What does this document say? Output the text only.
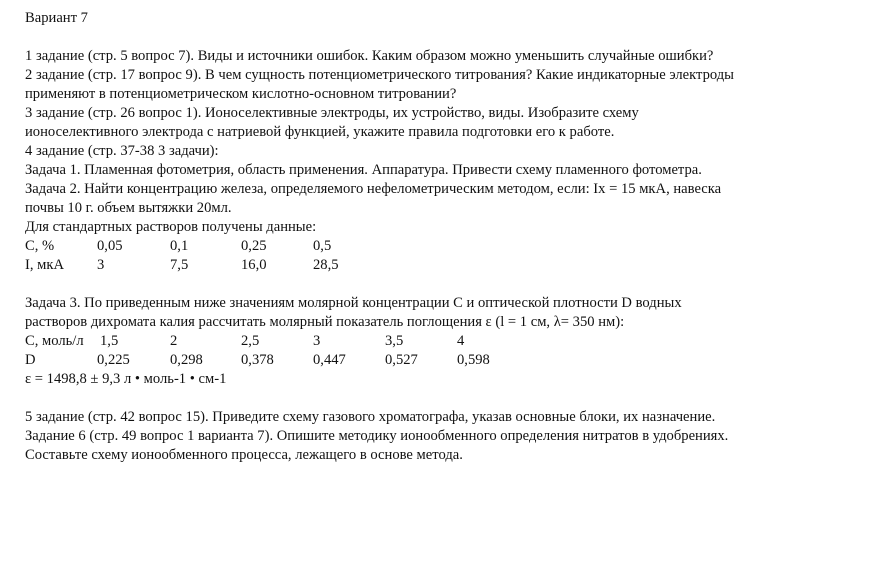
Вариант 7
1 задание (стр. 5 вопрос 7). Виды и источники ошибок. Каким образом можно уменьшить случайные ошибки?
2 задание (стр. 17 вопрос 9). В чем сущность потенциометрического титрования? Какие индикаторные электроды
применяют в потенциометрическом кислотно-основном титровании?
3 задание (стр. 26 вопрос 1). Ионоселективные электроды, их устройство, виды. Изобразите схему
ионоселективного электрода с натриевой функцией, укажите правила подготовки его к работе.
4 задание (стр. 37-38 3 задачи):
Задача 1. Пламенная фотометрия, область применения. Аппаратура. Привести схему пламенного фотометра.
Задача 2. Найти концентрацию железа, определяемого нефелометрическим методом, если: Ix = 15 мкА, навеска
почвы 10 г. объем вытяжки 20мл.
Для стандартных растворов получены данные:
С, %	0,05	0,1	0,25	0,5
I, мкА 3	7,5	16,0	28,5
Задача 3. По приведенным ниже значениям молярной концентрации С и оптической плотности D водных
растворов дихромата калия рассчитать молярный показатель поглощения ε (l = 1 см, λ= 350 нм):
С, моль/л 1,5	2	2,5	3	3,5	4
D	0,225	0,298	0,378	0,447	0,527	0,598
ε = 1498,8 ± 9,3 л • моль-1 • см-1
5 задание (стр. 42 вопрос 15). Приведите схему газового хроматографа, указав основные блоки, их назначение.
Задание 6 (стр. 49 вопрос 1 варианта 7). Опишите методику ионообменного определения нитратов в удобрениях.
Составьте схему ионообменного процесса, лежащего в основе метода.
